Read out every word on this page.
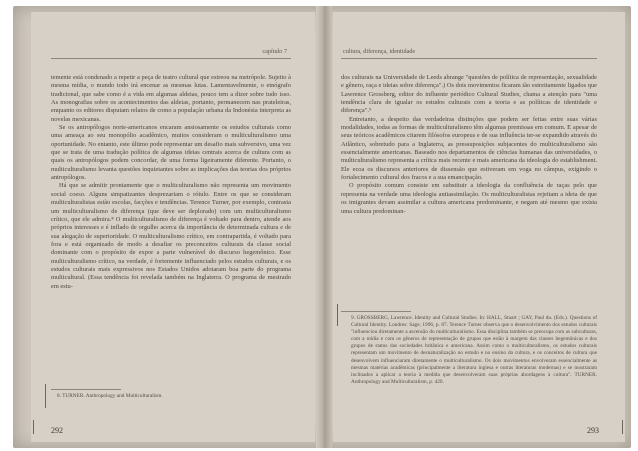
capítulo 7

temente está condenado a repetir a peça de teatro cultural que estreou na metrópole. Sujeito à mesma mídia, o mundo todo irá encenar as mesmas lutas. Lamentavelmente, o etnógrafo tradicional, que sabe como é a vida em algumas aldeias, pouco tem a dizer sobre tudo isso. As monografias sobre os acontecimentos das aldeias, portanto, permanecem nas prateleiras, enquanto os editores disputam relatos de como a população urbana da Indonésia interpreta as novelas mexicanas.

Se os antropólogos norte-americanos encaram ansiosamente os estudos culturais como uma ameaça ao seu monopólio acadêmico, muitos consideram o multiculturalismo uma oportunidade. No entanto, este último pode representar um desafio mais subversivo, uma vez que se trata de uma tradução política de algumas ideias centrais acerca de cultura com as quais os antropólogos podem concordar, de uma forma ligeiramente diferente. Portanto, o multiculturalismo levanta questões inquietantes sobre as implicações das teorias dos próprios antropólogos.

Há que se admitir prontamente que o multiculturalismo não representa um movimento social coeso. Alguns simpatizantes desprezariam o rótulo. Entre os que se consideram multiculturalistas estão escolas, facções e tendências. Terence Turner, por exemplo, contrasta um multiculturalismo de diferença (que deve ser deplorado) com um multiculturalismo crítico, que ele admira.⁸ O multiculturalismo de diferença é voltado para dentro, atende aos próprios interesses e é inflado de orgulho acerca da importância de determinada cultura e de sua alegação de superioridade. O multiculturalismo crítico, em contrapartida, é voltado para fora e está organizado de modo a desafiar os preconceitos culturais da classe social dominante com o propósito de expor a parte vulnerável do discurso hegemônico. Esse multiculturalismo crítico, na verdade, é fortemente influenciado pelos estudos culturais, e os estudos culturais mais expressivos nos Estados Unidos adotaram boa parte do programa multicultural. (Essa tendência foi revelada também na Inglaterra. O programa de mestrado em estu-

8. TURNER. Anthropology and Multiculturalism.
292
cultura, diferença, identidade

dos culturais na Universidade de Leeds abrange "questões de política de representação, sexualidade e gênero, raça e ideias sobre diferença".) Os dois movimentos ficaram tão estreitamente ligados que Lawrence Grossberg, editor do influente periódico Cultural Studies, chama a atenção para "uma tendência clara de igualar os estudos culturais com a teoria e as políticas de identidade e diferença".⁹

Entretanto, a despeito das verdadeiras distinções que podem ser feitas entre suas várias modalidades, todas as formas de multiculturalismo têm algumas premissas em comum. E apesar de seus teóricos acadêmicos citarem filósofos europeus e de sua influência ter-se expandido através do Atlântico, sobretudo para a Inglaterra, as pressuposições subjacentes do multiculturalismo são essencialmente americanas. Baseado nos departamentos de ciências humanas das universidades, o multiculturalismo representa a crítica mais recente e mais americana da ideologia do establishment. Ele ecoa os discursos anteriores de dissensão que estiveram em voga no câmpus, exigindo o fortalecimento cultural dos fracos e a sua emancipação.

O propósito comum consiste em substituir a ideologia da confluência de raças pelo que representa na verdade uma ideologia antiassimilação. Os multiculturalistas rejeitam a ideia de que os imigrantes devam assimilar a cultura americana predominante, e negam até mesmo que exista uma cultura predominan-

9. GROSSBERG, Lawrence. Identity and Cultural Studies. In: HALL, Stuart ; GAY, Paul du. (Eds.). Questions of Cultural Identity. Londres: Sage, 1996, p. 87. Terence Turner observa que o desenvolvimento dos estudos culturais "influenciou diretamente a ascensão do multiculturalismo. Essa disciplina também se preocupa com as subculturas, com a mídia e com os gêneros de representação de grupos que estão à margem das classes hegemônicas e dos grupos de status das sociedades britânica e americana. Assim como o multiculturalismo, os estudos culturais representam um movimento de desnaturalização no estudo e no ensino da cultura, e os conceitos de cultura que desenvolvem influenciaram diretamente o multiculturalismo. Os dois movimentos envolveram essencialmente as mesmas matérias acadêmicas (principalmente a literatura inglesa e outras literaturas modernas) e se mostraram inclinados a aplicar a teoria à medida que desenvolveram suas próprias abordagens à cultura". TURNER. Anthropology and Multiculturalism, p. 420.
293
